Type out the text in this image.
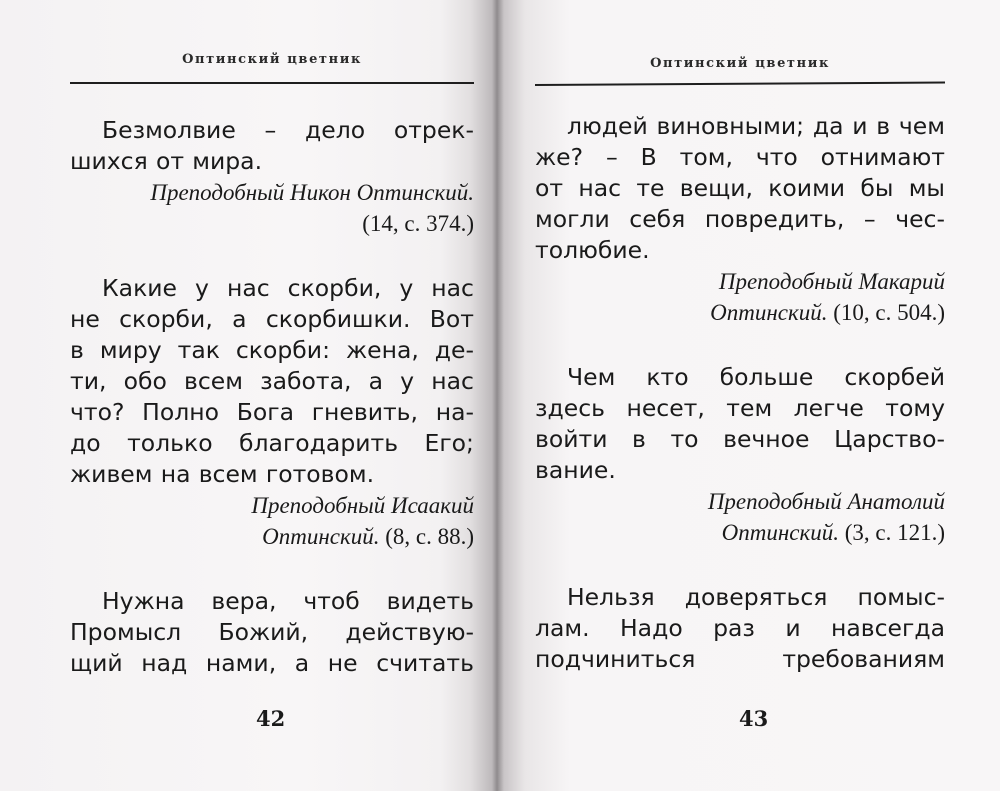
Оптинский цветник
Безмолвие – дело отрек-
шихся от мира.
Преподобный Никон Оптинский.
(14, с. 374.)
Какие у нас скорби, у нас
не скорби, а скорбишки. Вот
в миру так скорби: жена, де-
ти, обо всем забота, а у нас
что? Полно Бога гневить, на-
до только благодарить Его;
живем на всем готовом.
Преподобный Исаакий
Оптинский. (8, с. 88.)
Нужна вера, чтоб видеть
Промысл Божий, действую-
щий над нами, а не считать
42
Оптинский цветник
людей виновными; да и в чем
же? – В том, что отнимают
от нас те вещи, коими бы мы
могли себя повредить, – чес-
толюбие.
Преподобный Макарий
Оптинский. (10, с. 504.)
Чем кто больше скорбей
здесь несет, тем легче тому
войти в то вечное Царство-
вание.
Преподобный Анатолий
Оптинский. (3, с. 121.)
Нельзя доверяться помыс-
лам. Надо раз и навсегда
подчиниться	требованиям
43
